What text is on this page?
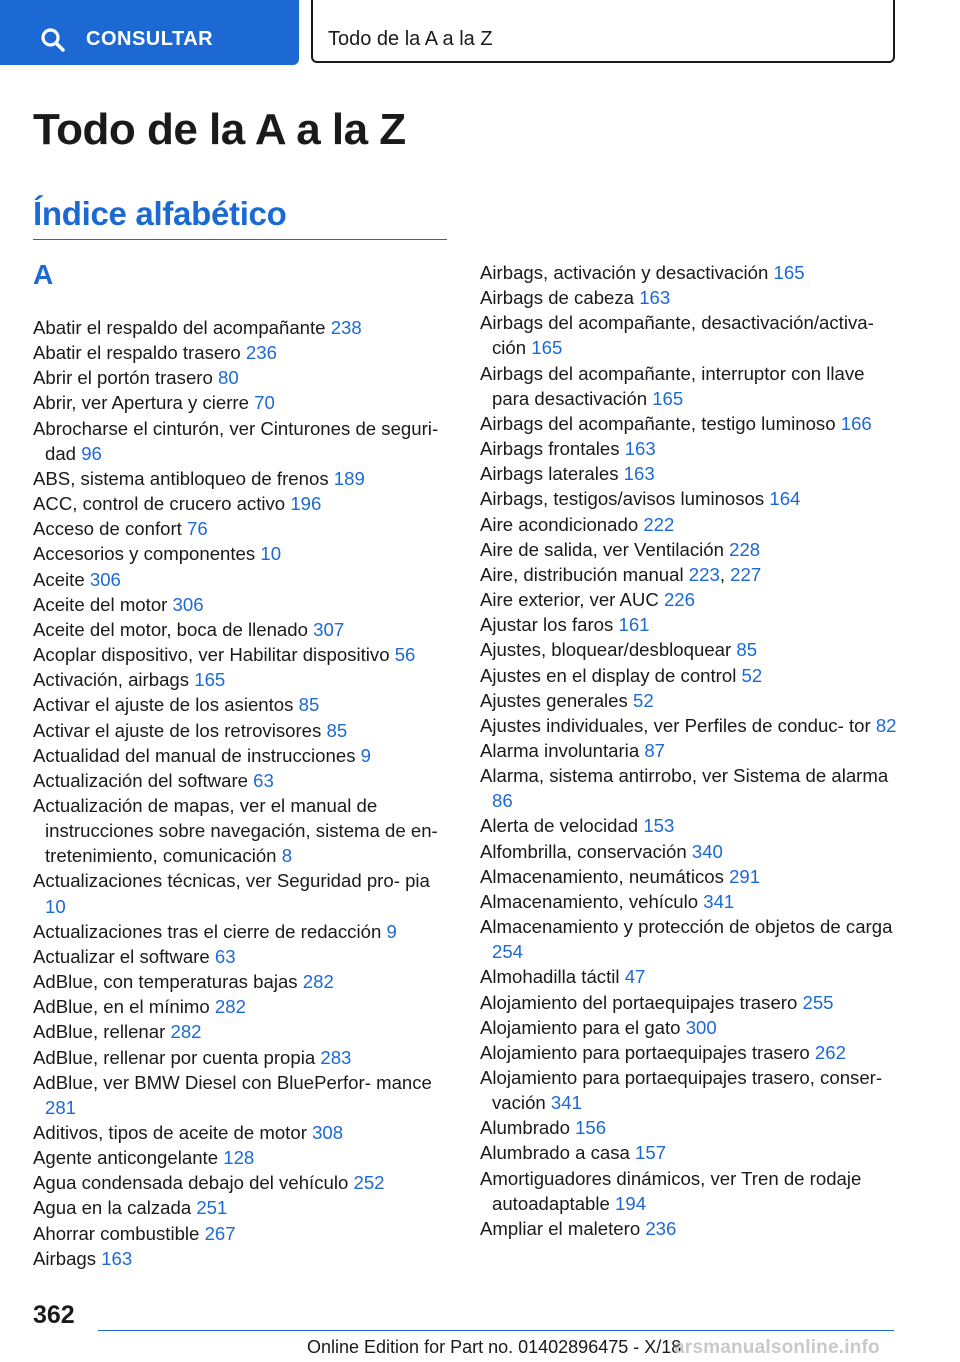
CONSULTAR	Todo de la A a la Z
Todo de la A a la Z
Índice alfabético
A
Abatir el respaldo del acompañante 238
Abatir el respaldo trasero 236
Abrir el portón trasero 80
Abrir, ver Apertura y cierre 70
Abrocharse el cinturón, ver Cinturones de seguri‐ dad 96
ABS, sistema antibloqueo de frenos 189
ACC, control de crucero activo 196
Acceso de confort 76
Accesorios y componentes 10
Aceite 306
Aceite del motor 306
Aceite del motor, boca de llenado 307
Acoplar dispositivo, ver Habilitar dispositivo 56
Activación, airbags 165
Activar el ajuste de los asientos 85
Activar el ajuste de los retrovisores 85
Actualidad del manual de instrucciones 9
Actualización del software 63
Actualización de mapas, ver el manual de instrucciones sobre navegación, sistema de en‐ tretenimiento, comunicación 8
Actualizaciones técnicas, ver Seguridad pro‐ pia 10
Actualizaciones tras el cierre de redacción 9
Actualizar el software 63
AdBlue, con temperaturas bajas 282
AdBlue, en el mínimo 282
AdBlue, rellenar 282
AdBlue, rellenar por cuenta propia 283
AdBlue, ver BMW Diesel con BluePerfor‐ mance 281
Aditivos, tipos de aceite de motor 308
Agente anticongelante 128
Agua condensada debajo del vehículo 252
Agua en la calzada 251
Ahorrar combustible 267
Airbags 163
Airbags, activación y desactivación 165
Airbags de cabeza 163
Airbags del acompañante, desactivación/activa‐ ción 165
Airbags del acompañante, interruptor con llave para desactivación 165
Airbags del acompañante, testigo luminoso 166
Airbags frontales 163
Airbags laterales 163
Airbags, testigos/avisos luminosos 164
Aire acondicionado 222
Aire de salida, ver Ventilación 228
Aire, distribución manual 223, 227
Aire exterior, ver AUC 226
Ajustar los faros 161
Ajustes, bloquear/desbloquear 85
Ajustes en el display de control 52
Ajustes generales 52
Ajustes individuales, ver Perfiles de conduc‐ tor 82
Alarma involuntaria 87
Alarma, sistema antirrobo, ver Sistema de alarma 86
Alerta de velocidad 153
Alfombrilla, conservación 340
Almacenamiento, neumáticos 291
Almacenamiento, vehículo 341
Almacenamiento y protección de objetos de carga 254
Almohadilla táctil 47
Alojamiento del portaequipajes trasero 255
Alojamiento para el gato 300
Alojamiento para portaequipajes trasero 262
Alojamiento para portaequipajes trasero, conser‐ vación 341
Alumbrado 156
Alumbrado a casa 157
Amortiguadores dinámicos, ver Tren de rodaje autoadaptable 194
Ampliar el maletero 236
362
Online Edition for Part no. 01402896475 - X/18
arsmanualsonline.info
